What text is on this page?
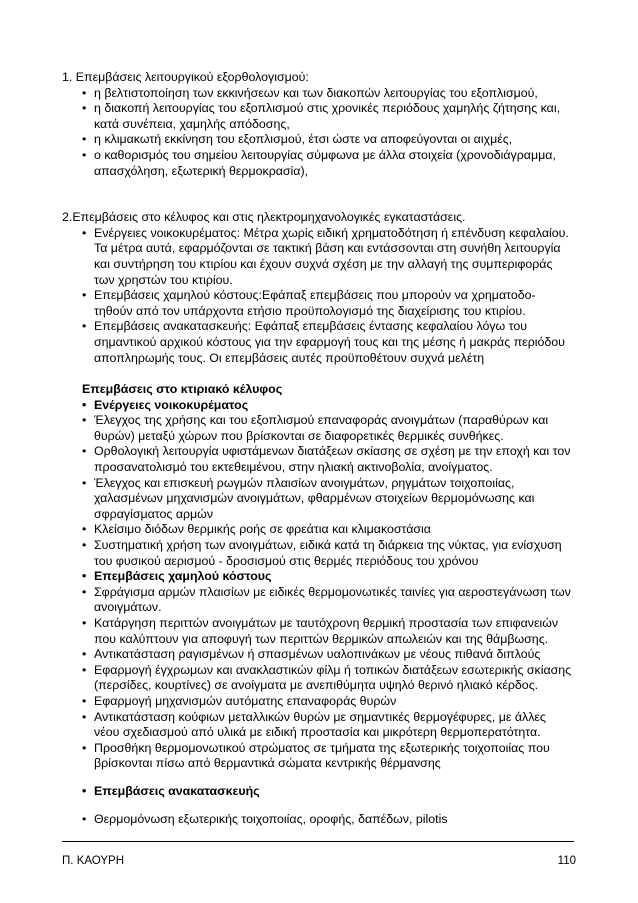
1. Επεμβάσεις λειτουργικού εξορθολογισμού:

• η βελτιστοποίηση των εκκινήσεων και των διακοπών λειτουργίας του εξοπλισμού,
• η διακοπή λειτουργίας του εξοπλισμού στις χρονικές περιόδους χαμηλής ζήτησης και, κατά συνέπεια, χαμηλής απόδοσης,
• η κλιμακωτή εκκίνηση του εξοπλισμού, έτσι ώστε να αποφεύγονται οι αιχμές,
• ο καθορισμός του σημείου λειτουργίας σύμφωνα με άλλα στοιχεία (χρονοδιάγραμμα, απασχόληση, εξωτερική θερμοκρασία),

2.Επεμβάσεις στο κέλυφος και στις ηλεκτρομηχανολογικές εγκαταστάσεις.

• Ενέργειες νοικοκυρέματος: Μέτρα χωρίς ειδική χρηματοδότηση ή επένδυση κεφαλαίου. Τα μέτρα αυτά, εφαρμόζονται σε τακτική βάση και εντάσσονται στη συνήθη λειτουργία και συντήρηση του κτιρίου και έχουν συχνά σχέση με την αλλαγή της συμπεριφοράς των χρηστών του κτιρίου.
• Επεμβάσεις χαμηλού κόστους:Εφάπαξ επεμβάσεις που μπορούν να χρηματοδο-τηθούν από τον υπάρχοντα ετήσιο προϋπολογισμό της διαχείρισης του κτιρίου.
• Επεμβάσεις ανακατασκευής: Εφάπαξ επεμβάσεις έντασης κεφαλαίου λόγω του σημαντικού αρχικού κόστους για την εφαρμογή τους και της μέσης ή μακράς περιόδου αποπληρωμής τους. Οι επεμβάσεις αυτές προϋποθέτουν συχνά μελέτη

Επεμβάσεις στο κτιριακό κέλυφος

• Ενέργειες νοικοκυρέματος
• Έλεγχος της χρήσης και του εξοπλισμού επαναφοράς ανοιγμάτων (παραθύρων και θυρών) μεταξύ χώρων που βρίσκονται σε διαφορετικές θερμικές συνθήκες.
• Ορθολογική λειτουργία υφιστάμενων διατάξεων σκίασης σε σχέση με την εποχή και τον προσανατολισμό του εκτεθειμένου, στην ηλιακή ακτινοβολία, ανοίγματος.
• Έλεγχος και επισκευή ρωγμών πλαισίων ανοιγμάτων, ρηγμάτων τοιχοποιίας, χαλασμένων μηχανισμών ανοιγμάτων, φθαρμένων στοιχείων θερμομόνωσης και σφραγίσματος αρμών
• Κλείσιμο διόδων θερμικής ροής σε φρεάτια και κλιμακοστάσια
• Συστηματική χρήση των ανοιγμάτων, ειδικά κατά τη διάρκεια της νύκτας, για ενίσχυση του φυσικού αερισμού - δροσισμού στις θερμές περιόδους του χρόνου
• Επεμβάσεις χαμηλού κόστους
• Σφράγισμα αρμών πλαισίων με ειδικές θερμομονωτικές ταινίες για αεροστεγάνωση των ανοιγμάτων.
• Κατάργηση περιττών ανοιγμάτων με ταυτόχρονη θερμική προστασία των επιφανειών που καλύπτουν για αποφυγή των περιττών θερμικών απωλειών και της θάμβωσης.
• Αντικατάσταση ραγισμένων ή σπασμένων υαλοπινάκων με νέους πιθανά διπλούς
• Εφαρμογή έγχρωμων και ανακλαστικών φίλμ ή τοπικών διατάξεων εσωτερικής σκίασης (περσίδες, κουρτίνες) σε ανοίγματα με ανεπιθύμητα υψηλό θερινό ηλιακό κέρδος.
• Εφαρμογή μηχανισμών αυτόματης επαναφοράς θυρών
• Αντικατάσταση κούφιων μεταλλικών θυρών με σημαντικές θερμογέφυρες, με άλλες νέου σχεδιασμού από υλικά με ειδική προστασία και μικρότερη θερμοπερατότητα.
• Προσθήκη θερμομονωτικού στρώματος σε τμήματα της εξωτερικής τοιχοποιίας που βρίσκονται πίσω από θερμαντικά σώματα κεντρικής θέρμανσης
• Επεμβάσεις ανακατασκευής
• Θερμομόνωση εξωτερικής τοιχοποιίας, οροφής, δαπέδων, pilotis
Π. ΚΑΟΥΡΗ	110
